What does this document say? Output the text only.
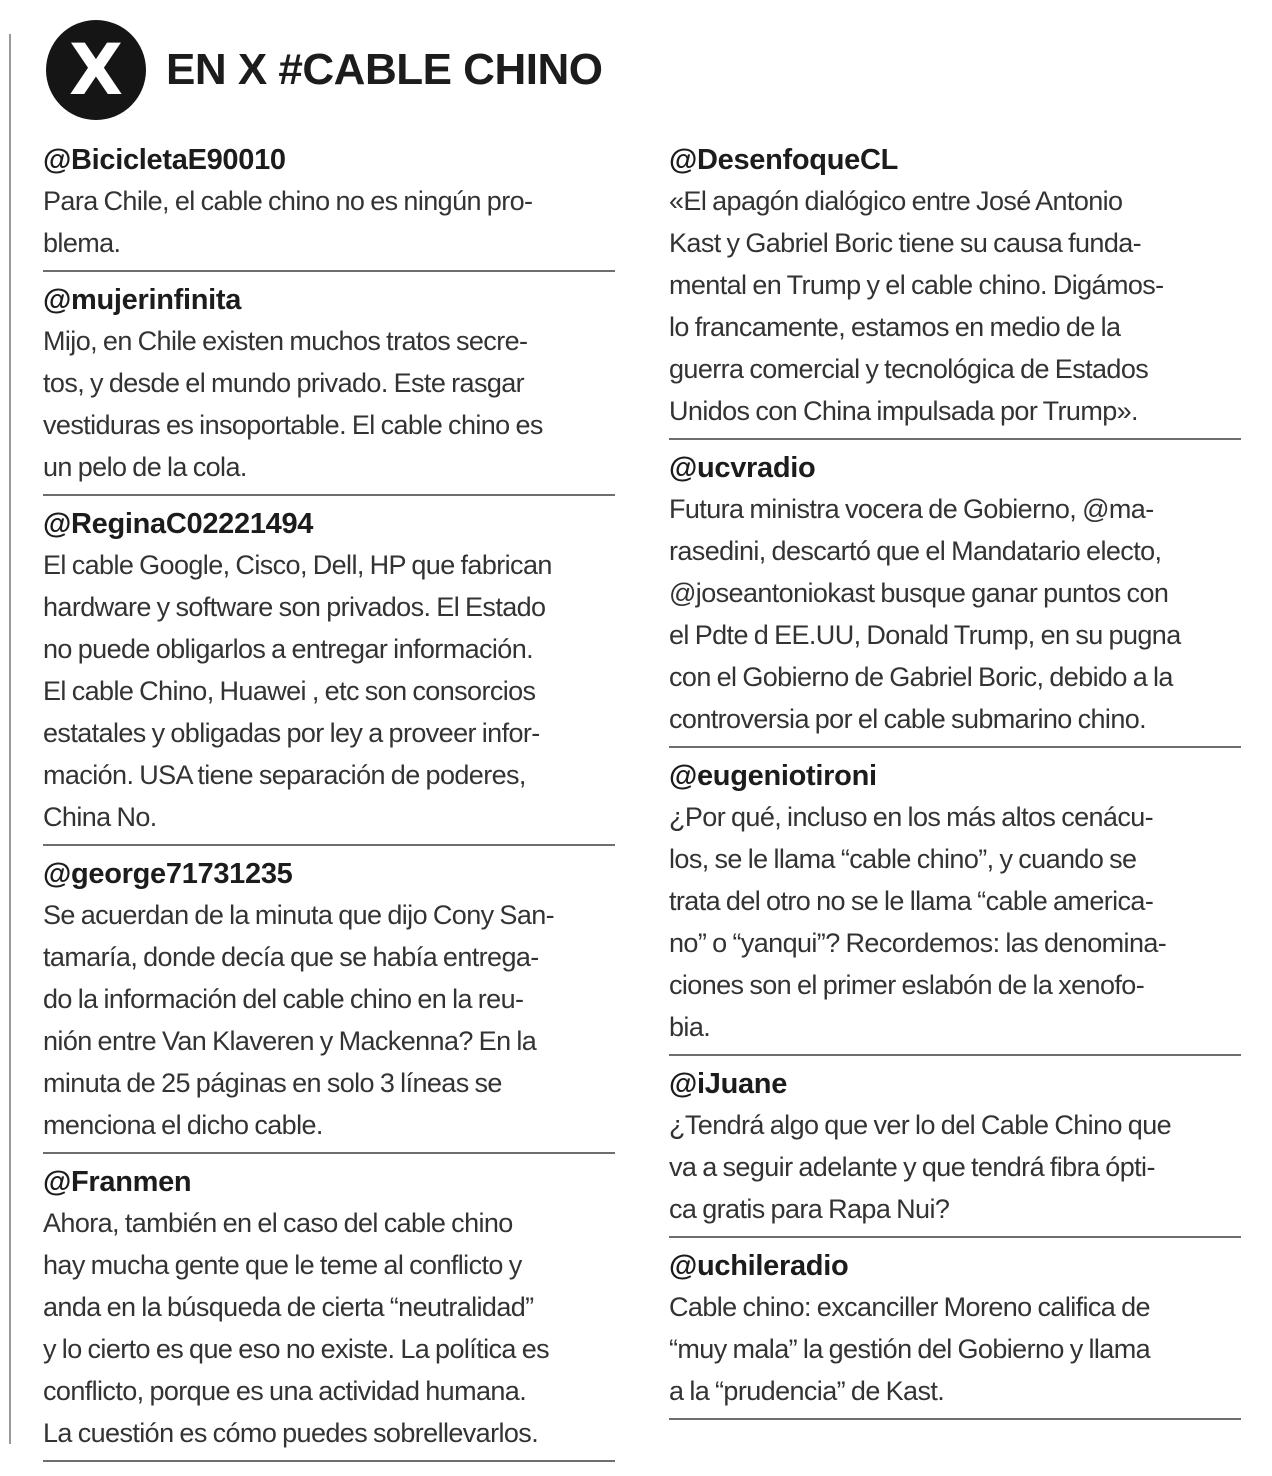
X EN X #CABLE CHINO
@BicicletaE90010
Para Chile, el cable chino no es ningún pro-
blema.
@mujerinfinita
Mijo, en Chile existen muchos tratos secre-
tos, y desde el mundo privado. Este rasgar
vestiduras es insoportable. El cable chino es
un pelo de la cola.
@ReginaC02221494
El cable Google, Cisco, Dell, HP que fabrican
hardware y software son privados. El Estado
no puede obligarlos a entregar información.
El cable Chino, Huawei , etc son consorcios
estatales y obligadas por ley a proveer infor-
mación. USA tiene separación de poderes,
China No.
@george71731235
Se acuerdan de la minuta que dijo Cony San-
tamaría, donde decía que se había entrega-
do la información del cable chino en la reu-
nión entre Van Klaveren y Mackenna? En la
minuta de 25 páginas en solo 3 líneas se
menciona el dicho cable.
@Franmen
Ahora, también en el caso del cable chino
hay mucha gente que le teme al conflicto y
anda en la búsqueda de cierta “neutralidad”
y lo cierto es que eso no existe. La política es
conflicto, porque es una actividad humana.
La cuestión es cómo puedes sobrellevarlos.
@DesenfoqueCL
«El apagón dialógico entre José Antonio
Kast y Gabriel Boric tiene su causa funda-
mental en Trump y el cable chino. Digámos-
lo francamente, estamos en medio de la
guerra comercial y tecnológica de Estados
Unidos con China impulsada por Trump».
@ucvradio
Futura ministra vocera de Gobierno, @ma-
rasedini, descartó que el Mandatario electo,
@joseantoniokast busque ganar puntos con
el Pdte d EE.UU, Donald Trump, en su pugna
con el Gobierno de Gabriel Boric, debido a la
controversia por el cable submarino chino.
@eugeniotironi
¿Por qué, incluso en los más altos cenácu-
los, se le llama “cable chino”, y cuando se
trata del otro no se le llama “cable america-
no” o “yanqui”? Recordemos: las denomina-
ciones son el primer eslabón de la xenofo-
bia.
@iJuane
¿Tendrá algo que ver lo del Cable Chino que
va a seguir adelante y que tendrá fibra ópti-
ca gratis para Rapa Nui?
@uchileradio
Cable chino: excanciller Moreno califica de
“muy mala” la gestión del Gobierno y llama
a la “prudencia” de Kast.
